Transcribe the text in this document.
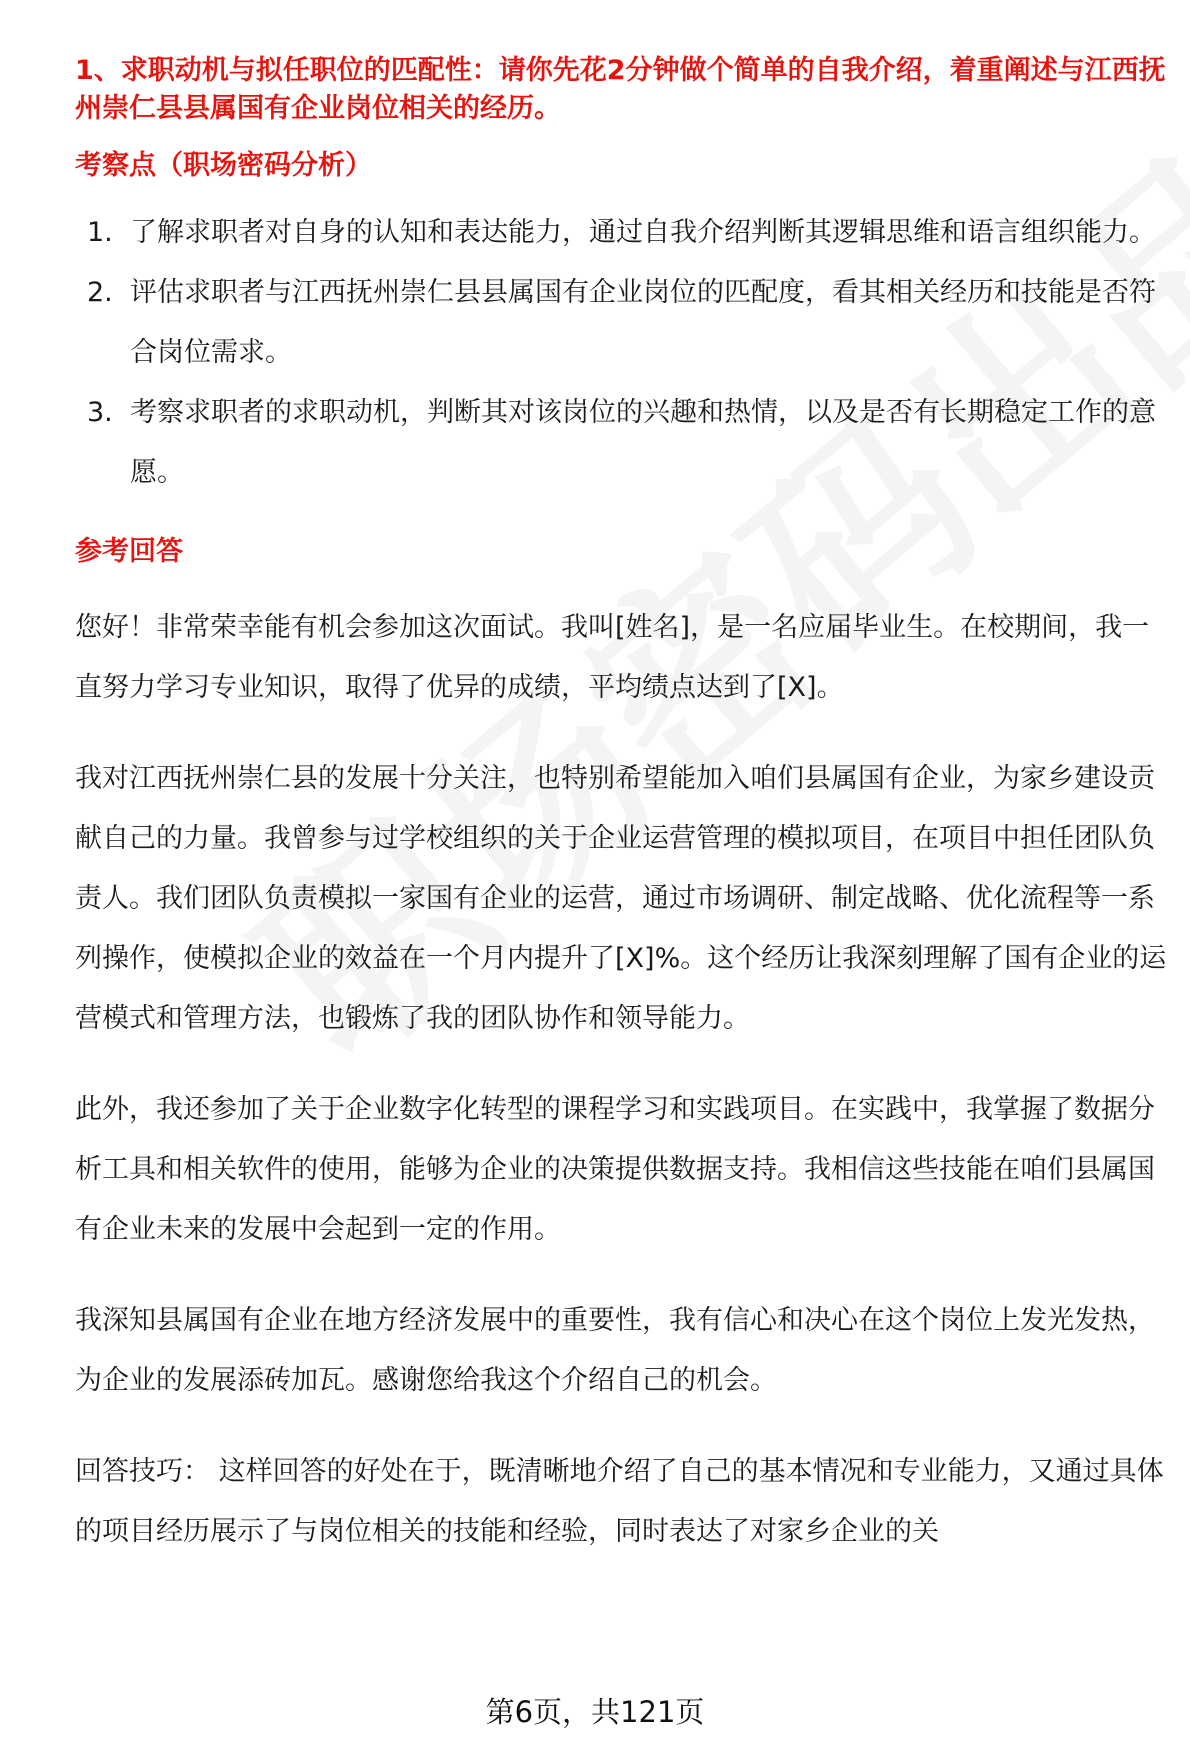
1、求职动机与拟任职位的匹配性：请你先花2分钟做个简单的自我介绍，着重阐述与江西抚州崇仁县县属国有企业岗位相关的经历。

考察点（职场密码分析）

1. 了解求职者对自身的认知和表达能力，通过自我介绍判断其逻辑思维和语言组织能力。
2. 评估求职者与江西抚州崇仁县县属国有企业岗位的匹配度，看其相关经历和技能是否符合岗位需求。
3. 考察求职者的求职动机，判断其对该岗位的兴趣和热情，以及是否有长期稳定工作的意愿。

参考回答

您好！非常荣幸能有机会参加这次面试。我叫[姓名]，是一名应届毕业生。在校期间，我一直努力学习专业知识，取得了优异的成绩，平均绩点达到了[X]。

我对江西抚州崇仁县的发展十分关注，也特别希望能加入咱们县属国有企业，为家乡建设贡献自己的力量。我曾参与过学校组织的关于企业运营管理的模拟项目，在项目中担任团队负责人。我们团队负责模拟一家国有企业的运营，通过市场调研、制定战略、优化流程等一系列操作，使模拟企业的效益在一个月内提升了[X]%。这个经历让我深刻理解了国有企业的运营模式和管理方法，也锻炼了我的团队协作和领导能力。

此外，我还参加了关于企业数字化转型的课程学习和实践项目。在实践中，我掌握了数据分析工具和相关软件的使用，能够为企业的决策提供数据支持。我相信这些技能在咱们县属国有企业未来的发展中会起到一定的作用。

我深知县属国有企业在地方经济发展中的重要性，我有信心和决心在这个岗位上发光发热，为企业的发展添砖加瓦。感谢您给我这个介绍自己的机会。

回答技巧： 这样回答的好处在于，既清晰地介绍了自己的基本情况和专业能力，又通过具体的项目经历展示了与岗位相关的技能和经验，同时表达了对家乡企业的关

第6页，共121页
